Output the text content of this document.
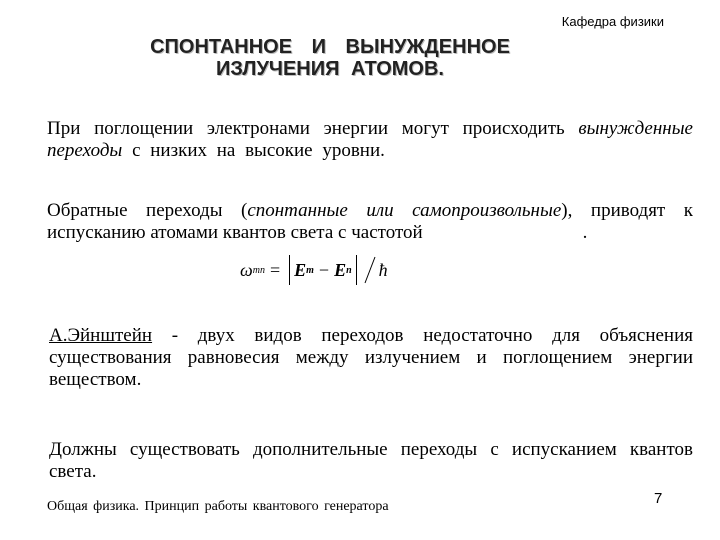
Кафедра физики
СПОНТАННОЕ И ВЫНУЖДЕННОЕ
ИЗЛУЧЕНИЯ АТОМОВ.
При поглощении электронами энергии могут происходить вынужденные переходы с низких на высокие уровни.
Обратные переходы (спонтанные или самопроизвольные), приводят к испусканию атомами квантов света с частотой	.
ω mn = E m − E n ħ
А.Эйнштейн - двух видов переходов недостаточно для объяснения существования равновесия между излучением и поглощением энергии веществом.
Должны существовать дополнительные переходы с испусканием квантов света.
Общая физика. Принцип работы квантового генератора	7
